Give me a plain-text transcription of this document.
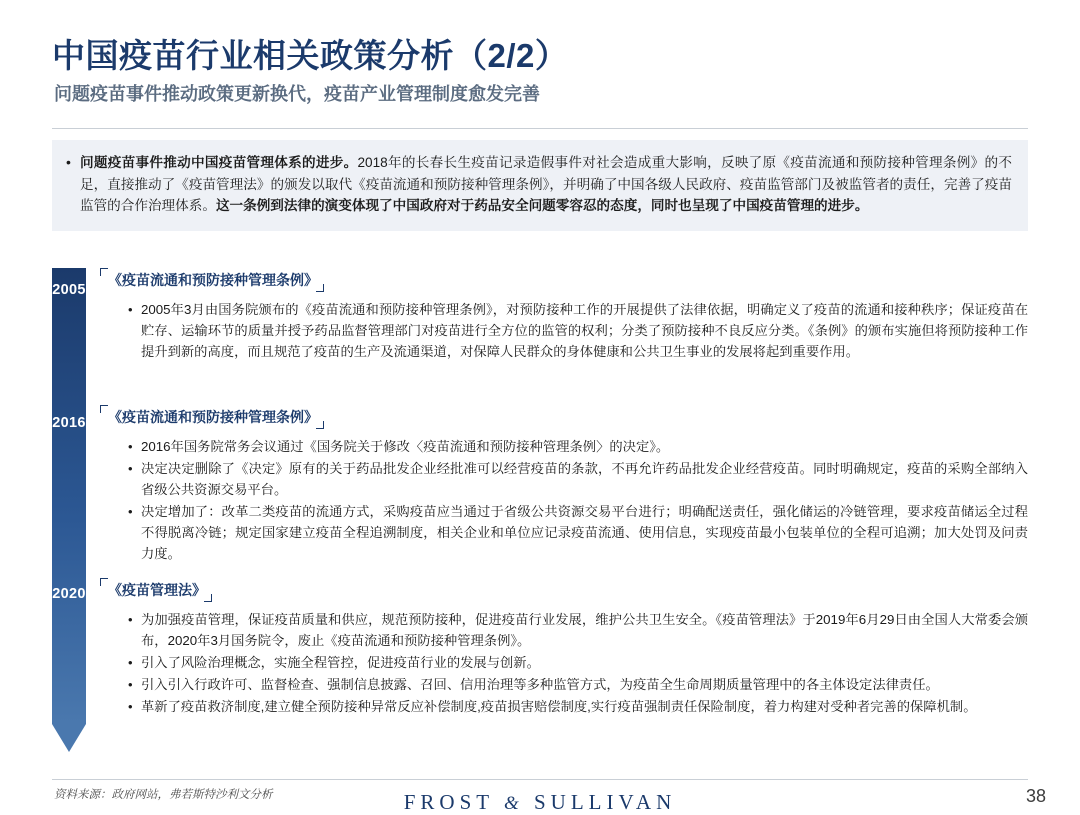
中国疫苗行业相关政策分析（2/2）
问题疫苗事件推动政策更新换代，疫苗产业管理制度愈发完善
• 问题疫苗事件推动中国疫苗管理体系的进步。2018年的长春长生疫苗记录造假事件对社会造成重大影响，反映了原《疫苗流通和预防接种管理条例》的不足，直接推动了《疫苗管理法》的颁发以取代《疫苗流通和预防接种管理条例》，并明确了中国各级人民政府、疫苗监管部门及被监管者的责任，完善了疫苗监管的合作治理体系。这一条例到法律的演变体现了中国政府对于药品安全问题零容忍的态度，同时也呈现了中国疫苗管理的进步。
2005
2016
2020
《疫苗流通和预防接种管理条例》
• 2005年3月由国务院颁布的《疫苗流通和预防接种管理条例》，对预防接种工作的开展提供了法律依据，明确定义了疫苗的流通和接种秩序；保证疫苗在贮存、运输环节的质量并授予药品监督管理部门对疫苗进行全方位的监管的权利；分类了预防接种不良反应分类。《条例》的颁布实施但将预防接种工作提升到新的高度，而且规范了疫苗的生产及流通渠道，对保障人民群众的身体健康和公共卫生事业的发展将起到重要作用。
《疫苗流通和预防接种管理条例》
• 2016年国务院常务会议通过《国务院关于修改〈疫苗流通和预防接种管理条例〉的决定》。
• 决定决定删除了《决定》原有的关于药品批发企业经批准可以经营疫苗的条款，不再允许药品批发企业经营疫苗。同时明确规定，疫苗的采购全部纳入省级公共资源交易平台。
• 决定增加了：改革二类疫苗的流通方式，采购疫苗应当通过于省级公共资源交易平台进行；明确配送责任，强化储运的冷链管理，要求疫苗储运全过程不得脱离冷链；规定国家建立疫苗全程追溯制度，相关企业和单位应记录疫苗流通、使用信息，实现疫苗最小包装单位的全程可追溯；加大处罚及问责力度。
《疫苗管理法》
• 为加强疫苗管理，保证疫苗质量和供应，规范预防接种，促进疫苗行业发展，维护公共卫生安全。《疫苗管理法》于2019年6月29日由全国人大常委会颁布，2020年3月国务院令，废止《疫苗流通和预防接种管理条例》。
• 引入了风险治理概念，实施全程管控，促进疫苗行业的发展与创新。
• 引入引入行政许可、监督检查、强制信息披露、召回、信用治理等多种监管方式，为疫苗全生命周期质量管理中的各主体设定法律责任。
• 革新了疫苗救济制度,建立健全预防接种异常反应补偿制度,疫苗损害赔偿制度,实行疫苗强制责任保险制度，着力构建对受种者完善的保障机制。
资料来源：政府网站，弗若斯特沙利文分析	FROST & SULLIVAN	38
